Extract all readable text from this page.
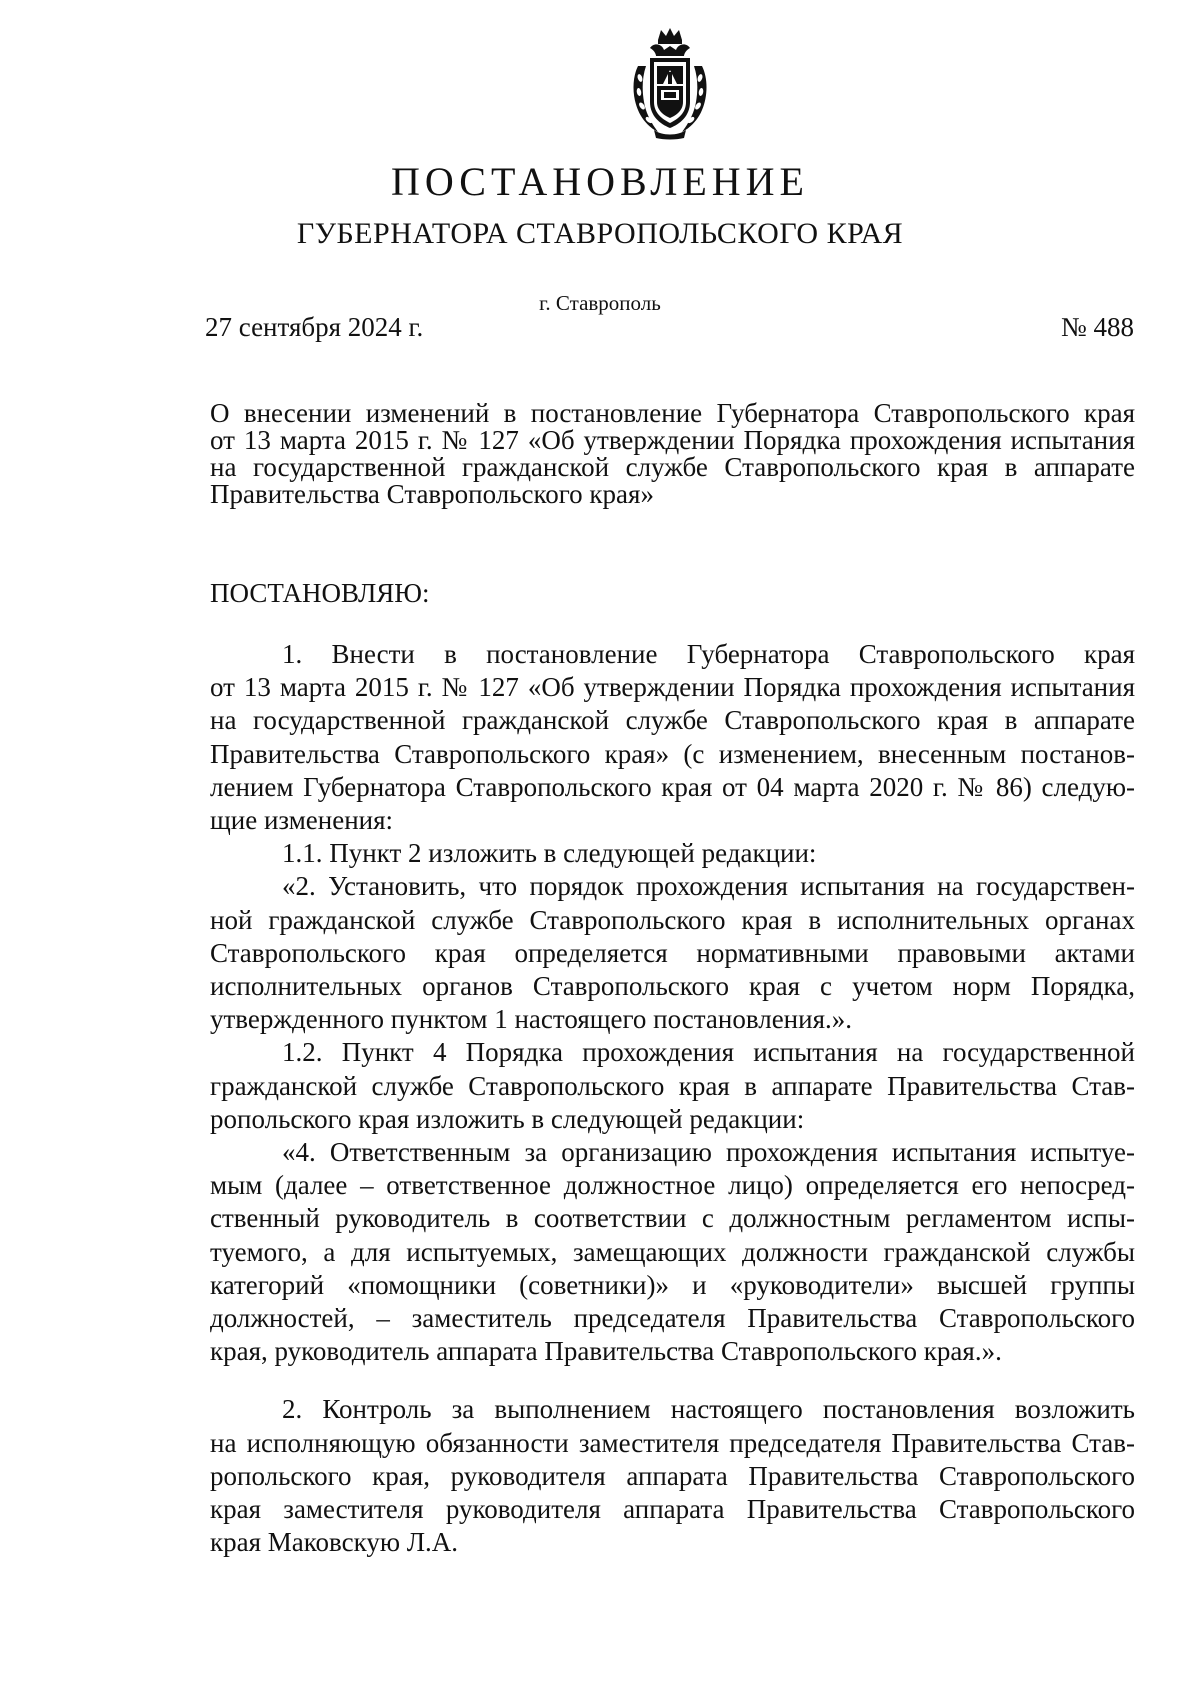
ПОСТАНОВЛЕНИЕ
ГУБЕРНАТОРА СТАВРОПОЛЬСКОГО КРАЯ
г. Ставрополь
27 сентября 2024 г.	№ 488
О внесении изменений в постановление Губернатора Ставропольского края
от 13 марта 2015 г. № 127 «Об утверждении Порядка прохождения испытания
на государственной гражданской службе Ставропольского края в аппарате
Правительства Ставропольского края»
ПОСТАНОВЛЯЮ:
1. Внести в постановление Губернатора Ставропольского края
от 13 марта 2015 г. № 127 «Об утверждении Порядка прохождения испытания
на государственной гражданской службе Ставропольского края в аппарате
Правительства Ставропольского края» (с изменением, внесенным постанов-
лением Губернатора Ставропольского края от 04 марта 2020 г. № 86) следую-
щие изменения:
1.1. Пункт 2 изложить в следующей редакции:
«2. Установить, что порядок прохождения испытания на государствен-
ной гражданской службе Ставропольского края в исполнительных органах
Ставропольского края определяется нормативными правовыми актами
исполнительных органов Ставропольского края с учетом норм Порядка,
утвержденного пунктом 1 настоящего постановления.».
1.2. Пункт 4 Порядка прохождения испытания на государственной
гражданской службе Ставропольского края в аппарате Правительства Став-
ропольского края изложить в следующей редакции:
«4. Ответственным за организацию прохождения испытания испытуе-
мым (далее – ответственное должностное лицо) определяется его непосред-
ственный руководитель в соответствии с должностным регламентом испы-
туемого, а для испытуемых, замещающих должности гражданской службы
категорий «помощники (советники)» и «руководители» высшей группы
должностей, – заместитель председателя Правительства Ставропольского
края, руководитель аппарата Правительства Ставропольского края.».
2. Контроль за выполнением настоящего постановления возложить
на исполняющую обязанности заместителя председателя Правительства Став-
ропольского края, руководителя аппарата Правительства Ставропольского
края заместителя руководителя аппарата Правительства Ставропольского
края Маковскую Л.А.
